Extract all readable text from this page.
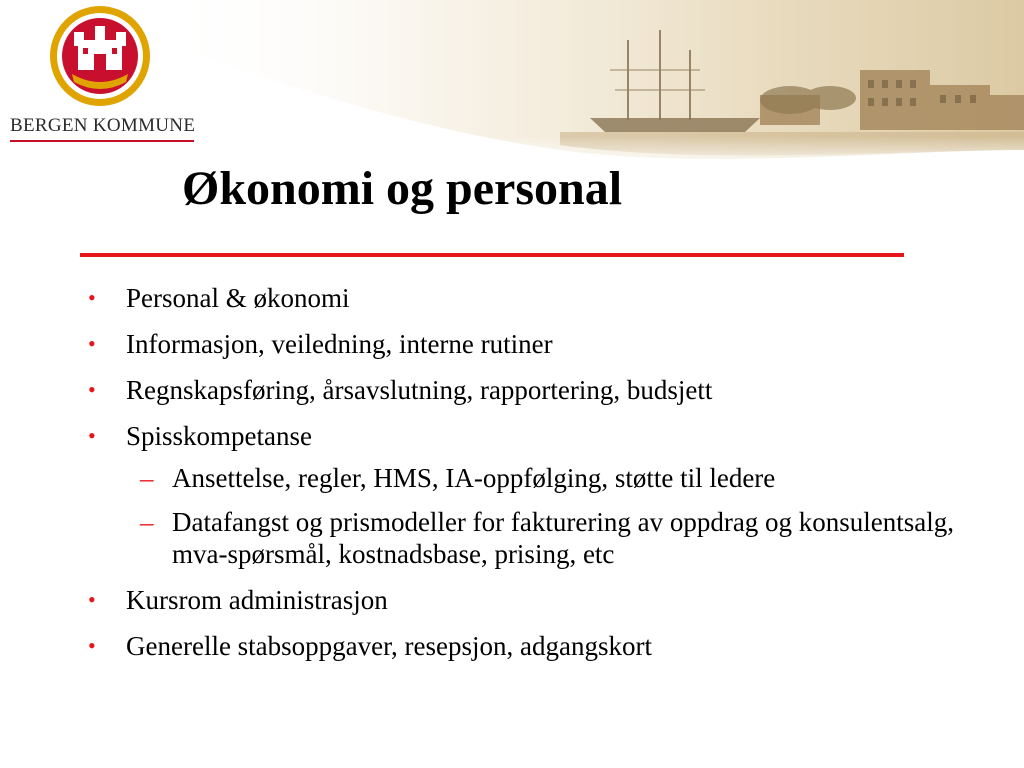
BERGEN KOMMUNE
Økonomi og personal
• Personal & økonomi
• Informasjon, veiledning, interne rutiner
• Regnskapsføring, årsavslutning, rapportering, budsjett
• Spisskompetanse
– Ansettelse, regler, HMS, IA-oppfølging, støtte til ledere
– Datafangst og prismodeller for fakturering av oppdrag og konsulentsalg, mva-spørsmål, kostnadsbase, prising, etc
• Kursrom administrasjon
• Generelle stabsoppgaver, resepsjon, adgangskort
